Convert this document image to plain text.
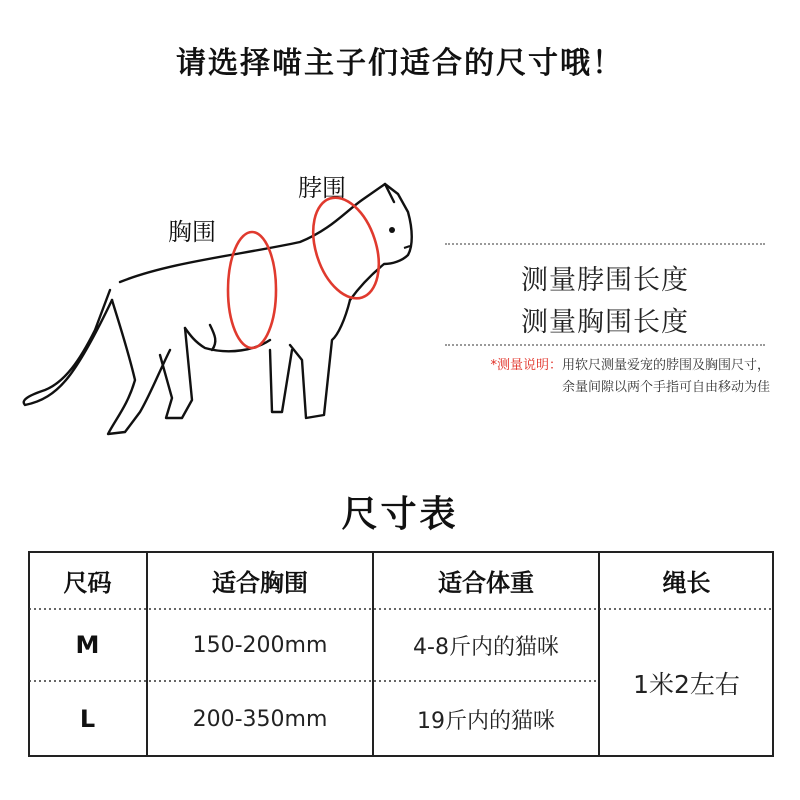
请选择喵主子们适合的尺寸哦！
脖围
胸围
测量脖围长度
测量胸围长度
*测量说明：用软尺测量爱宠的脖围及胸围尺寸，
余量间隙以两个手指可自由移动为佳
尺寸表
尺码	适合胸围	适合体重	绳长
M	150-200mm	4-8斤内的猫咪
L	200-350mm	19斤内的猫咪
1米2左右
